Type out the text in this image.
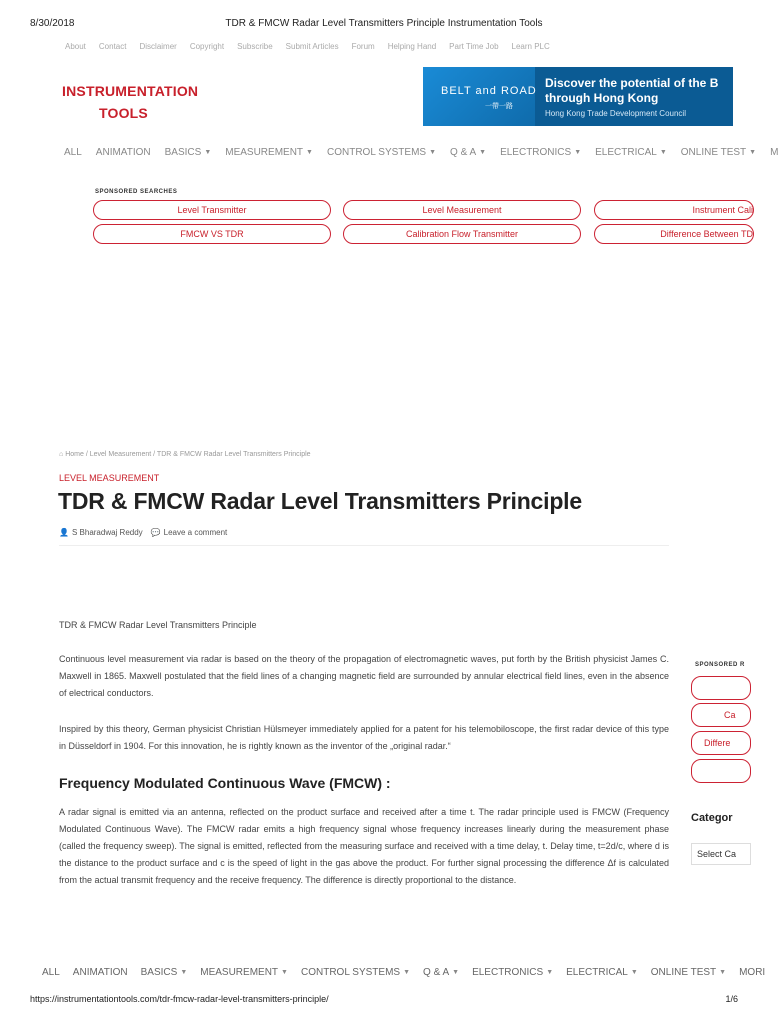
8/30/2018	TDR & FMCW Radar Level Transmitters Principle Instrumentation Tools
About Contact Disclaimer Copyright Subscribe Submit Articles Forum Helping Hand Part Time Job Learn PLC
INSTRUMENTATION
TOOLS
BELT and ROAD
一帶一路
Discover the potential of the B
through Hong Kong
Hong Kong Trade Development Council
ALL ANIMATION BASICS ▼ MEASUREMENT ▼ CONTROL SYSTEMS ▼ Q & A ▼ ELECTRONICS ▼ ELECTRICAL ▼ ONLINE TEST ▼ M
SPONSORED SEARCHES
Level Transmitter	Level Measurement	Instrument Cali
FMCW VS TDR	Calibration Flow Transmitter	Difference Between TD
⌂ Home / Level Measurement / TDR & FMCW Radar Level Transmitters Principle
LEVEL MEASUREMENT
TDR & FMCW Radar Level Transmitters Principle
👤 S Bharadwaj Reddy 💬 Leave a comment
TDR & FMCW Radar Level Transmitters Principle

Continuous level measurement via radar is based on the theory of the propagation of electromagnetic waves, put forth by the British physicist James C. Maxwell in 1865. Maxwell postulated that the field lines of a changing magnetic field are surrounded by annular electrical field lines, even in the absence of electrical conductors.

Inspired by this theory, German physicist Christian Hülsmeyer immediately applied for a patent for his telemobiloscope, the first radar device of this type in Düsseldorf in 1904. For this innovation, he is rightly known as the inventor of the „original radar.“

Frequency Modulated Continuous Wave (FMCW) :

A radar signal is emitted via an antenna, reflected on the product surface and received after a time t. The radar principle used is FMCW (Frequency Modulated Continuous Wave). The FMCW radar emits a high frequency signal whose frequency increases linearly during the measurement phase (called the frequency sweep). The signal is emitted, reflected from the measuring surface and received with a time delay, t. Delay time, t=2d/c, where d is the distance to the product surface and c is the speed of light in the gas above the product. For further signal processing the difference Δf is calculated from the actual transmit frequency and the receive frequency. The difference is directly proportional to the distance.

SPONSORED R
Ca
Differe
Categor
Select Ca
ALL ANIMATION BASICS ▼ MEASUREMENT ▼ CONTROL SYSTEMS ▼ Q & A ▼ ELECTRONICS ▼ ELECTRICAL ▼ ONLINE TEST ▼ MORI
https://instrumentationtools.com/tdr-fmcw-radar-level-transmitters-principle/	1/6
